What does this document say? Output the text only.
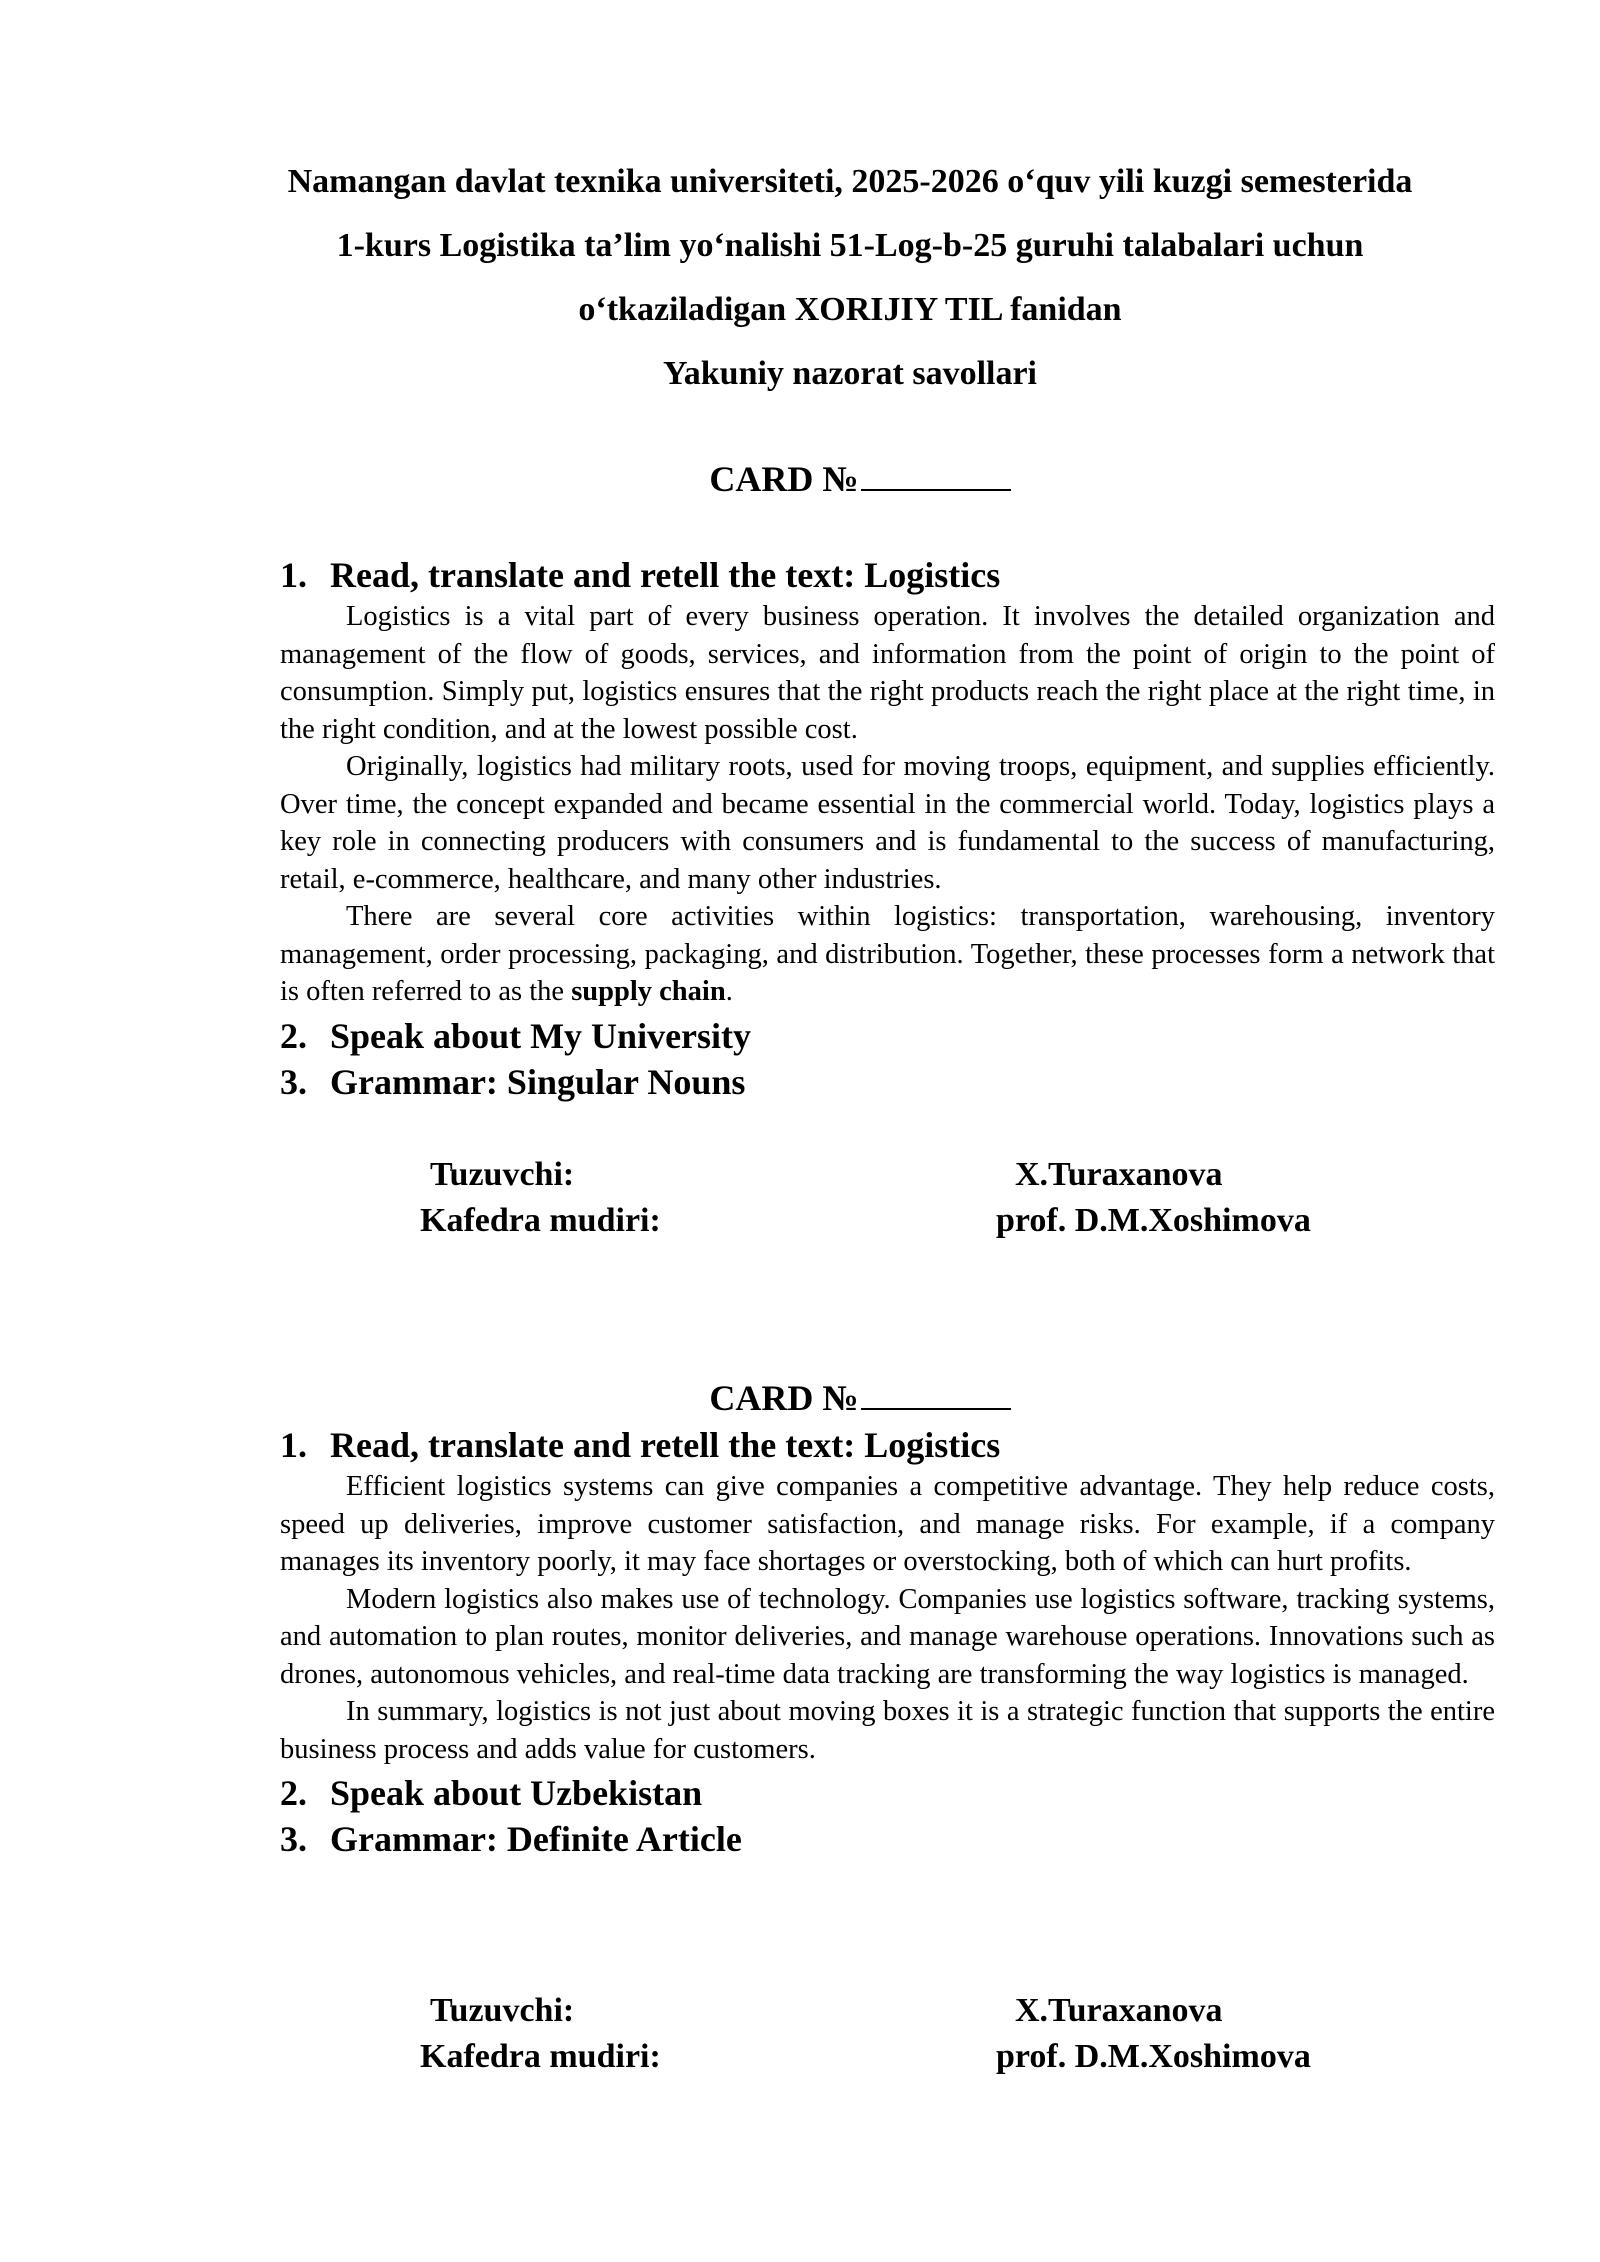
Namangan davlat texnika universiteti, 2025-2026 o‘quv yili kuzgi semesterida

1-kurs Logistika ta’lim yo‘nalishi 51-Log-b-25 guruhi talabalari uchun

o‘tkaziladigan XORIJIY TIL fanidan

Yakuniy nazorat savollari

CARD №

1. Read, translate and retell the text: Logistics

Logistics is a vital part of every business operation. It involves the detailed organization and management of the flow of goods, services, and information from the point of origin to the point of consumption. Simply put, logistics ensures that the right products reach the right place at the right time, in the right condition, and at the lowest possible cost.

Originally, logistics had military roots, used for moving troops, equipment, and supplies efficiently. Over time, the concept expanded and became essential in the commercial world. Today, logistics plays a key role in connecting producers with consumers and is fundamental to the success of manufacturing, retail, e-commerce, healthcare, and many other industries.

There are several core activities within logistics: transportation, warehousing, inventory management, order processing, packaging, and distribution. Together, these processes form a network that is often referred to as the supply chain.

2. Speak about My University

3. Grammar: Singular Nouns

Tuzuvchi:	X.Turaxanova
Kafedra mudiri:	prof. D.M.Xoshimova
CARD №

1. Read, translate and retell the text: Logistics

Efficient logistics systems can give companies a competitive advantage. They help reduce costs, speed up deliveries, improve customer satisfaction, and manage risks. For example, if a company manages its inventory poorly, it may face shortages or overstocking, both of which can hurt profits.

Modern logistics also makes use of technology. Companies use logistics software, tracking systems, and automation to plan routes, monitor deliveries, and manage warehouse operations. Innovations such as drones, autonomous vehicles, and real-time data tracking are transforming the way logistics is managed.

In summary, logistics is not just about moving boxes it is a strategic function that supports the entire business process and adds value for customers.

2. Speak about Uzbekistan

3. Grammar: Definite Article

Tuzuvchi:	X.Turaxanova
Kafedra mudiri:	prof. D.M.Xoshimova
